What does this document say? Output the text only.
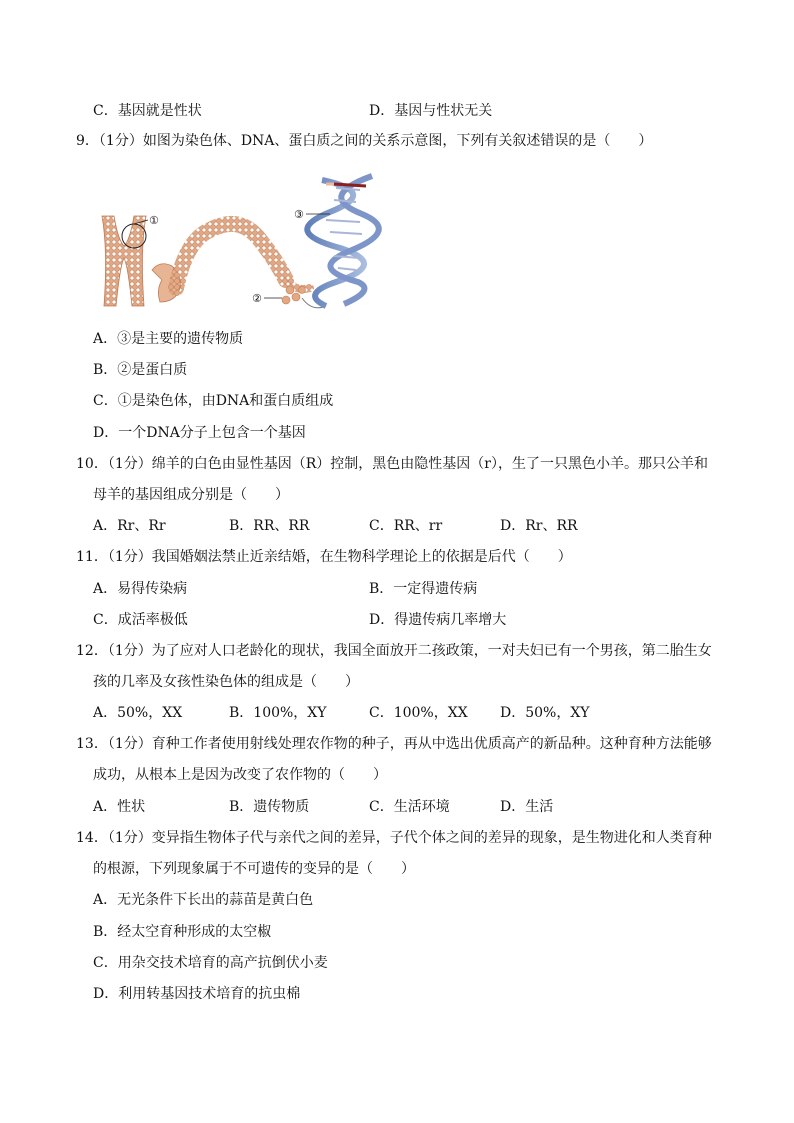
C．基因就是性状	D．基因与性状无关
9．（1分）如图为染色体、DNA、蛋白质之间的关系示意图，下列有关叙述错误的是（　　）
①
②
③
A．③是主要的遗传物质
B．②是蛋白质
C．①是染色体，由DNA和蛋白质组成
D．一个DNA分子上包含一个基因
10．（1分）绵羊的白色由显性基因（R）控制，黑色由隐性基因（r），生了一只黑色小羊。那只公羊和
母羊的基因组成分别是（　　）
A．Rr、Rr	B．RR、RR	C．RR、rr	D．Rr、RR
11．（1分）我国婚姻法禁止近亲结婚，在生物科学理论上的依据是后代（　　）
A．易得传染病	B．一定得遗传病
C．成活率极低	D．得遗传病几率增大
12．（1分）为了应对人口老龄化的现状，我国全面放开二孩政策，一对夫妇已有一个男孩，第二胎生女
孩的几率及女孩性染色体的组成是（　　）
A．50%，XX	B．100%，XY	C．100%，XX D．50%，XY
13．（1分）育种工作者使用射线处理农作物的种子，再从中选出优质高产的新品种。这种育种方法能够
成功，从根本上是因为改变了农作物的（　　）
A．性状	B．遗传物质	C．生活环境	D．生活
14．（1分）变异指生物体子代与亲代之间的差异，子代个体之间的差异的现象，是生物进化和人类育种
的根源，下列现象属于不可遗传的变异的是（　　）
A．无光条件下长出的蒜苗是黄白色
B．经太空育种形成的太空椒
C．用杂交技术培育的高产抗倒伏小麦
D．利用转基因技术培育的抗虫棉
